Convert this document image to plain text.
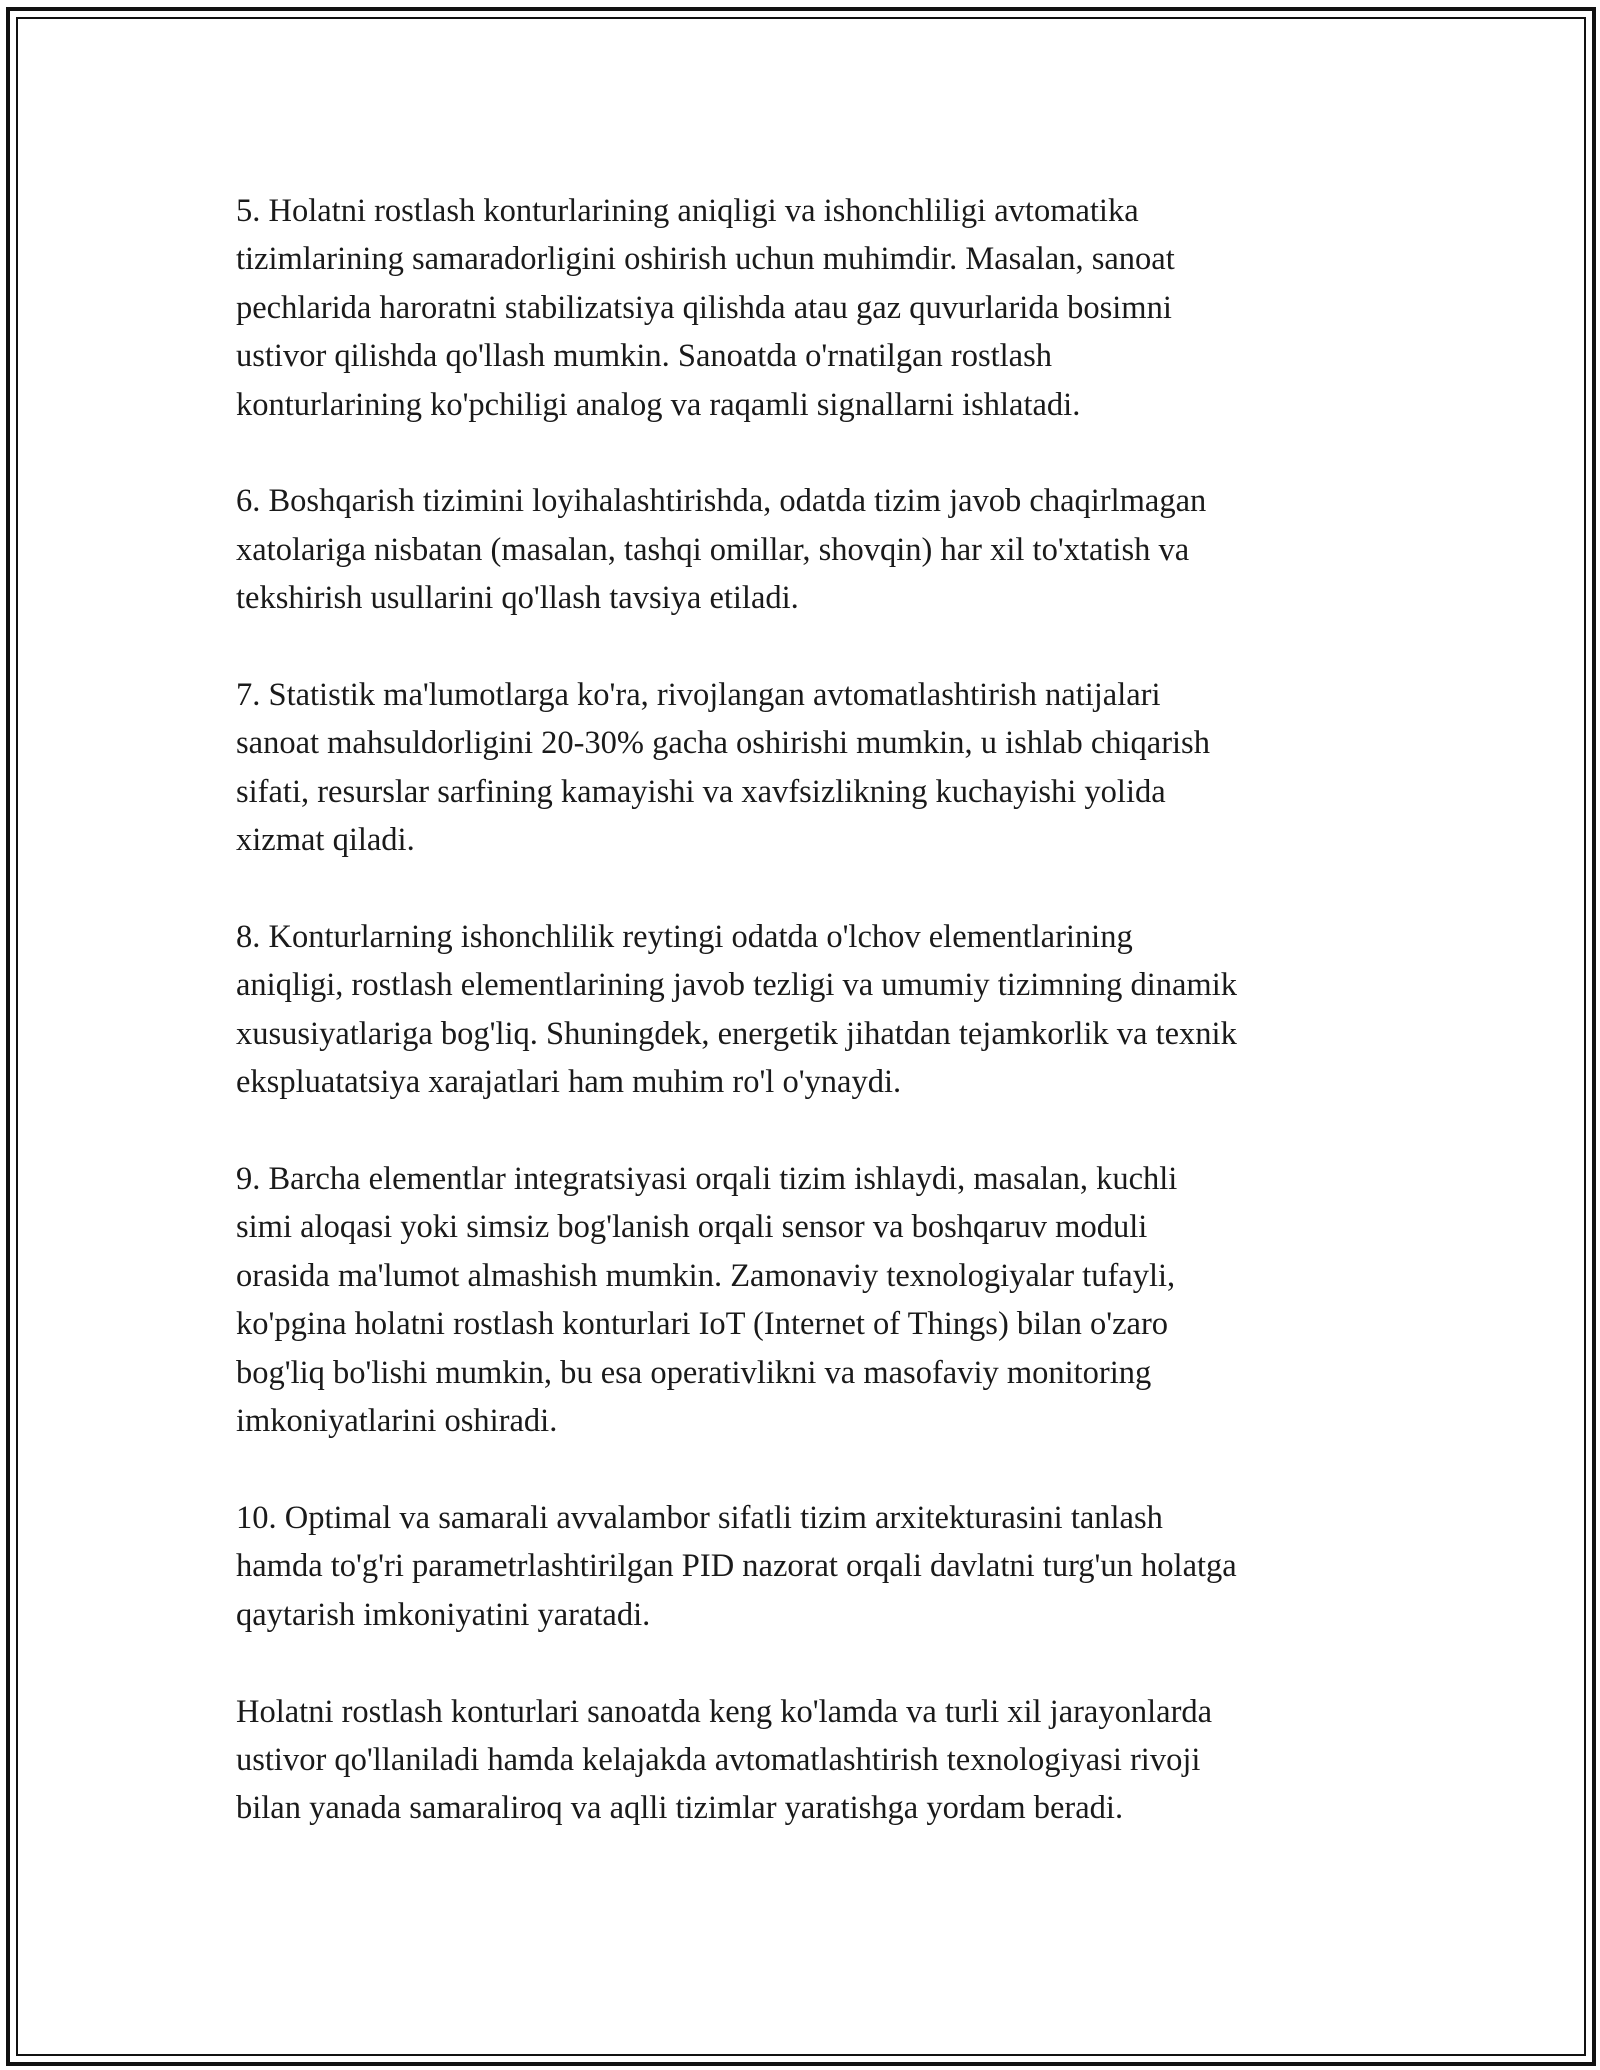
5. Holatni rostlash konturlarining aniqligi va ishonchliligi avtomatika
tizimlarining samaradorligini oshirish uchun muhimdir. Masalan, sanoat
pechlarida haroratni stabilizatsiya qilishda atau gaz quvurlarida bosimni
ustivor qilishda qo'llash mumkin. Sanoatda o'rnatilgan rostlash
konturlarining ko'pchiligi analog va raqamli signallarni ishlatadi.

6. Boshqarish tizimini loyihalashtirishda, odatda tizim javob chaqirlmagan
xatolariga nisbatan (masalan, tashqi omillar, shovqin) har xil to'xtatish va
tekshirish usullarini qo'llash tavsiya etiladi.

7. Statistik ma'lumotlarga ko'ra, rivojlangan avtomatlashtirish natijalari
sanoat mahsuldorligini 20-30% gacha oshirishi mumkin, u ishlab chiqarish
sifati, resurslar sarfining kamayishi va xavfsizlikning kuchayishi yolida
xizmat qiladi.

8. Konturlarning ishonchlilik reytingi odatda o'lchov elementlarining
aniqligi, rostlash elementlarining javob tezligi va umumiy tizimning dinamik
xususiyatlariga bog'liq. Shuningdek, energetik jihatdan tejamkorlik va texnik
ekspluatatsiya xarajatlari ham muhim ro'l o'ynaydi.

9. Barcha elementlar integratsiyasi orqali tizim ishlaydi, masalan, kuchli
simi aloqasi yoki simsiz bog'lanish orqali sensor va boshqaruv moduli
orasida ma'lumot almashish mumkin. Zamonaviy texnologiyalar tufayli,
ko'pgina holatni rostlash konturlari IoT (Internet of Things) bilan o'zaro
bog'liq bo'lishi mumkin, bu esa operativlikni va masofaviy monitoring
imkoniyatlarini oshiradi.

10. Optimal va samarali avvalambor sifatli tizim arxitekturasini tanlash
hamda to'g'ri parametrlashtirilgan PID nazorat orqali davlatni turg'un holatga
qaytarish imkoniyatini yaratadi.

Holatni rostlash konturlari sanoatda keng ko'lamda va turli xil jarayonlarda
ustivor qo'llaniladi hamda kelajakda avtomatlashtirish texnologiyasi rivoji
bilan yanada samaraliroq va aqlli tizimlar yaratishga yordam beradi.
